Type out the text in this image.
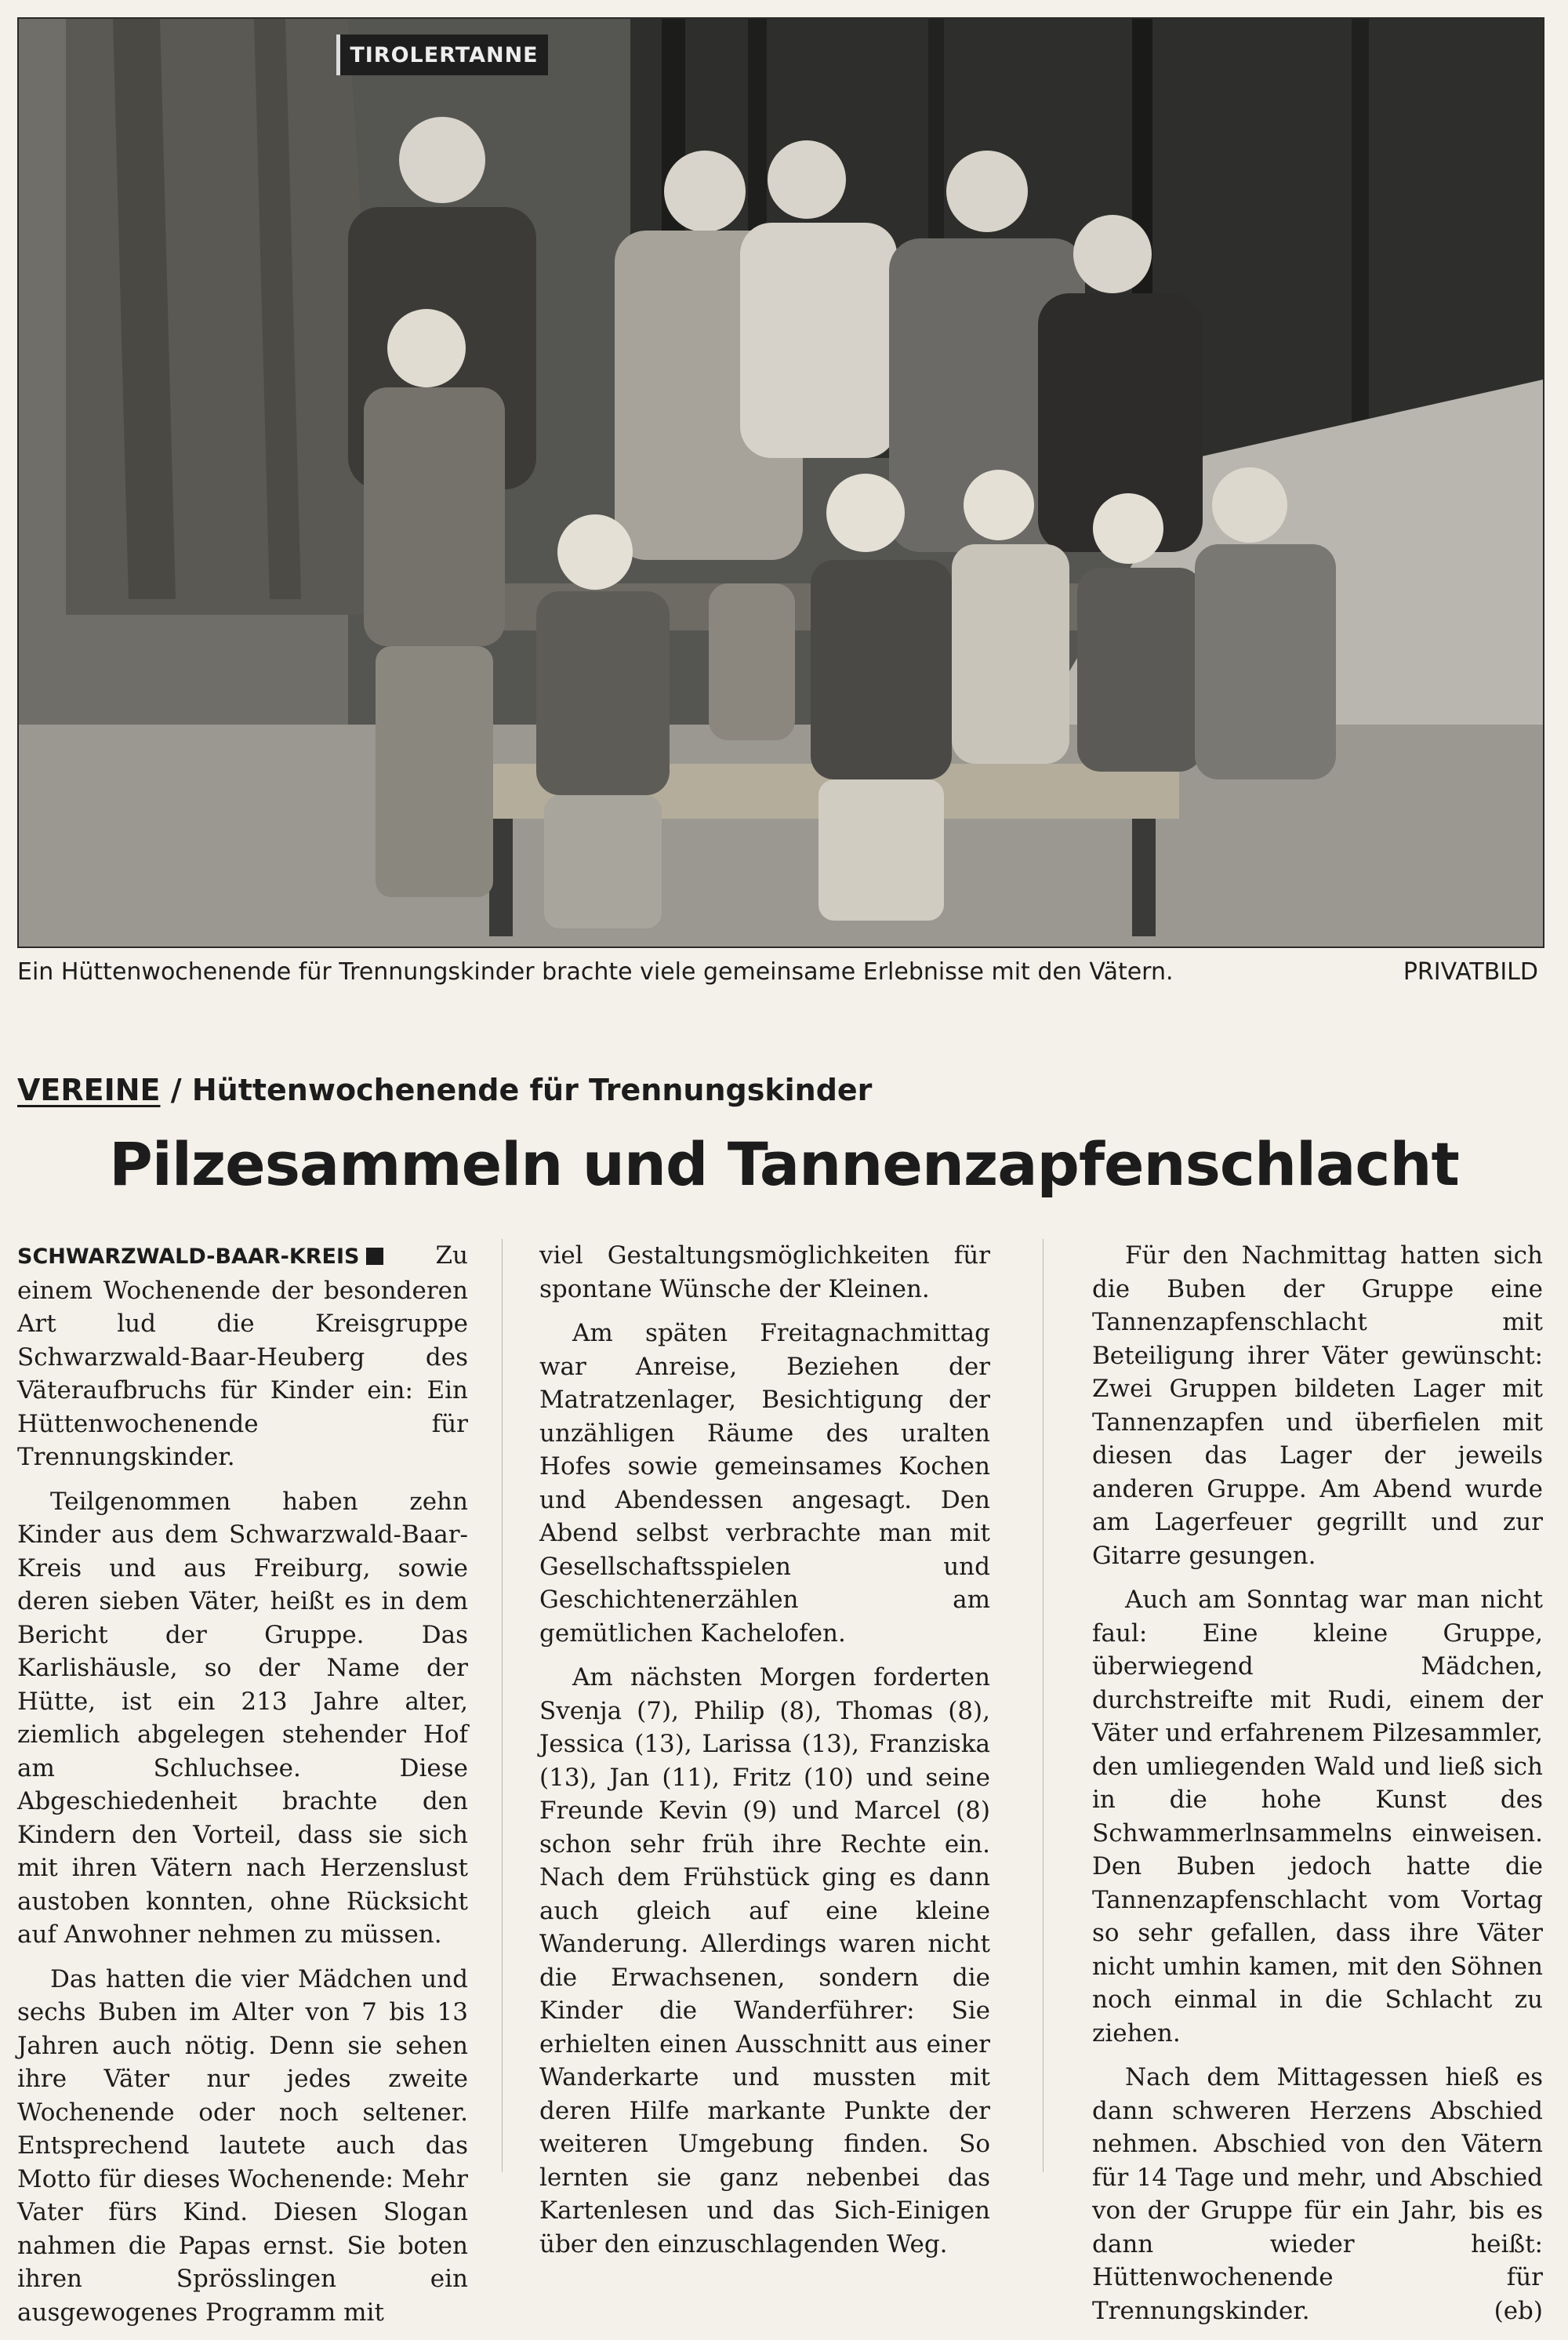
TIROLERTANNE
Ein Hüttenwochenende für Trennungskinder brachte viele gemeinsame Erlebnisse mit den Vätern.	PRIVATBILD
VEREINE / Hüttenwochenende für Trennungskinder
Pilzesammeln und Tannenzapfenschlacht

SCHWARZWALD-BAAR-KREIS	Zu einem Wochenende der besonderen Art lud die Kreisgruppe Schwarzwald-Baar-Heuberg des Väteraufbruchs für Kinder ein: Ein Hüttenwochenende für Trennungskinder.

Teilgenommen haben zehn Kinder aus dem Schwarzwald-Baar-Kreis und aus Freiburg, sowie deren sieben Väter, heißt es in dem Bericht der Gruppe. Das Karlishäusle, so der Name der Hütte, ist ein 213 Jahre alter, ziemlich abgelegen stehender Hof am Schluchsee. Diese Abgeschiedenheit brachte den Kindern den Vorteil, dass sie sich mit ihren Vätern nach Herzenslust austoben konnten, ohne Rücksicht auf Anwohner nehmen zu müssen.

Das hatten die vier Mädchen und sechs Buben im Alter von 7 bis 13 Jahren auch nötig. Denn sie sehen ihre Väter nur jedes zweite Wochenende oder noch seltener. Entsprechend lautete auch das Motto für dieses Wochenende: Mehr Vater fürs Kind. Diesen Slogan nahmen die Papas ernst. Sie boten ihren Sprösslingen ein ausgewogenes Programm mit

viel Gestaltungsmöglichkeiten für spontane Wünsche der Kleinen.

Am späten Freitagnachmittag war Anreise, Beziehen der Matratzenlager, Besichtigung der unzähligen Räume des uralten Hofes sowie gemeinsames Kochen und Abendessen angesagt. Den Abend selbst verbrachte man mit Gesellschaftsspielen und Geschichtenerzählen am gemütlichen Kachelofen.

Am nächsten Morgen forderten Svenja (7), Philip (8), Thomas (8), Jessica (13), Larissa (13), Franziska (13), Jan (11), Fritz (10) und seine Freunde Kevin (9) und Marcel (8) schon sehr früh ihre Rechte ein. Nach dem Frühstück ging es dann auch gleich auf eine kleine Wanderung. Allerdings waren nicht die Erwachsenen, sondern die Kinder die Wanderführer: Sie erhielten einen Ausschnitt aus einer Wanderkarte und mussten mit deren Hilfe markante Punkte der weiteren Umgebung finden. So lernten sie ganz nebenbei das Kartenlesen und das Sich-Einigen über den einzuschlagenden Weg.

Für den Nachmittag hatten sich die Buben der Gruppe eine Tannenzapfenschlacht mit Beteiligung ihrer Väter gewünscht: Zwei Gruppen bildeten Lager mit Tannenzapfen und überfielen mit diesen das Lager der jeweils anderen Gruppe. Am Abend wurde am Lagerfeuer gegrillt und zur Gitarre gesungen.

Auch am Sonntag war man nicht faul: Eine kleine Gruppe, überwiegend Mädchen, durchstreifte mit Rudi, einem der Väter und erfahrenem Pilzesammler, den umliegenden Wald und ließ sich in die hohe Kunst des Schwammerlnsammelns einweisen. Den Buben jedoch hatte die Tannenzapfenschlacht vom Vortag so sehr gefallen, dass ihre Väter nicht umhin kamen, mit den Söhnen noch einmal in die Schlacht zu ziehen.

Nach dem Mittagessen hieß es dann schweren Herzens Abschied nehmen. Abschied von den Vätern für 14 Tage und mehr, und Abschied von der Gruppe für ein Jahr, bis es dann wieder heißt: Hüttenwochenende für Trennungskinder.	(eb)
